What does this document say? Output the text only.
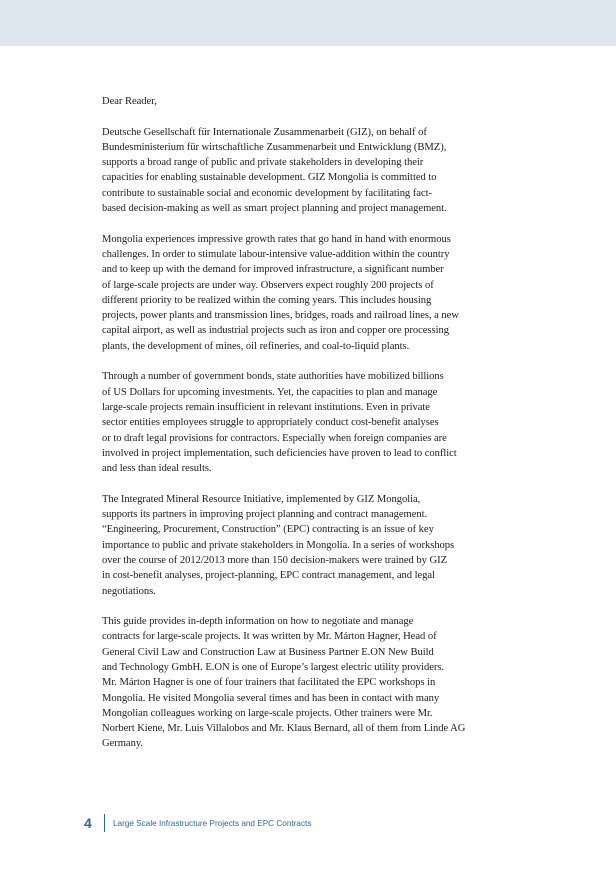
Dear Reader,

Deutsche Gesellschaft für Internationale Zusammenarbeit (GIZ), on behalf of
Bundesministerium für wirtschaftliche Zusammenarbeit und Entwicklung (BMZ),
supports a broad range of public and private stakeholders in developing their
capacities for enabling sustainable development. GIZ Mongolia is committed to
contribute to sustainable social and economic development by facilitating fact-
based decision-making as well as smart project planning and project management.
Mongolia experiences impressive growth rates that go hand in hand with enormous
challenges. In order to stimulate labour-intensive value-addition within the country
and to keep up with the demand for improved infrastructure, a significant number
of large-scale projects are under way. Observers expect roughly 200 projects of
different priority to be realized within the coming years. This includes housing
projects, power plants and transmission lines, bridges, roads and railroad lines, a new
capital airport, as well as industrial projects such as iron and copper ore processing
plants, the development of mines, oil refineries, and coal-to-liquid plants.
Through a number of government bonds, state authorities have mobilized billions
of US Dollars for upcoming investments. Yet, the capacities to plan and manage
large-scale projects remain insufficient in relevant institutions. Even in private
sector entities employees struggle to appropriately conduct cost-benefit analyses
or to draft legal provisions for contractors. Especially when foreign companies are
involved in project implementation, such deficiencies have proven to lead to conflict
and less than ideal results.
The Integrated Mineral Resource Initiative, implemented by GIZ Mongolia,
supports its partners in improving project planning and contract management.
“Engineering, Procurement, Construction” (EPC) contracting is an issue of key
importance to public and private stakeholders in Mongolia. In a series of workshops
over the course of 2012/2013 more than 150 decision-makers were trained by GIZ
in cost-benefit analyses, project-planning, EPC contract management, and legal
negotiations.
This guide provides in-depth information on how to negotiate and manage
contracts for large-scale projects. It was written by Mr. Márton Hagner, Head of
General Civil Law and Construction Law at Business Partner E.ON New Build
and Technology GmbH. E.ON is one of Europe’s largest electric utility providers.
Mr. Márton Hagner is one of four trainers that facilitated the EPC workshops in
Mongolia. He visited Mongolia several times and has been in contact with many
Mongolian colleagues working on large-scale projects. Other trainers were Mr.
Norbert Kiene, Mr. Luis Villalobos and Mr. Klaus Bernard, all of them from Linde AG
Germany.
4	Large Scale Infrastructure Projects and EPC Contracts
